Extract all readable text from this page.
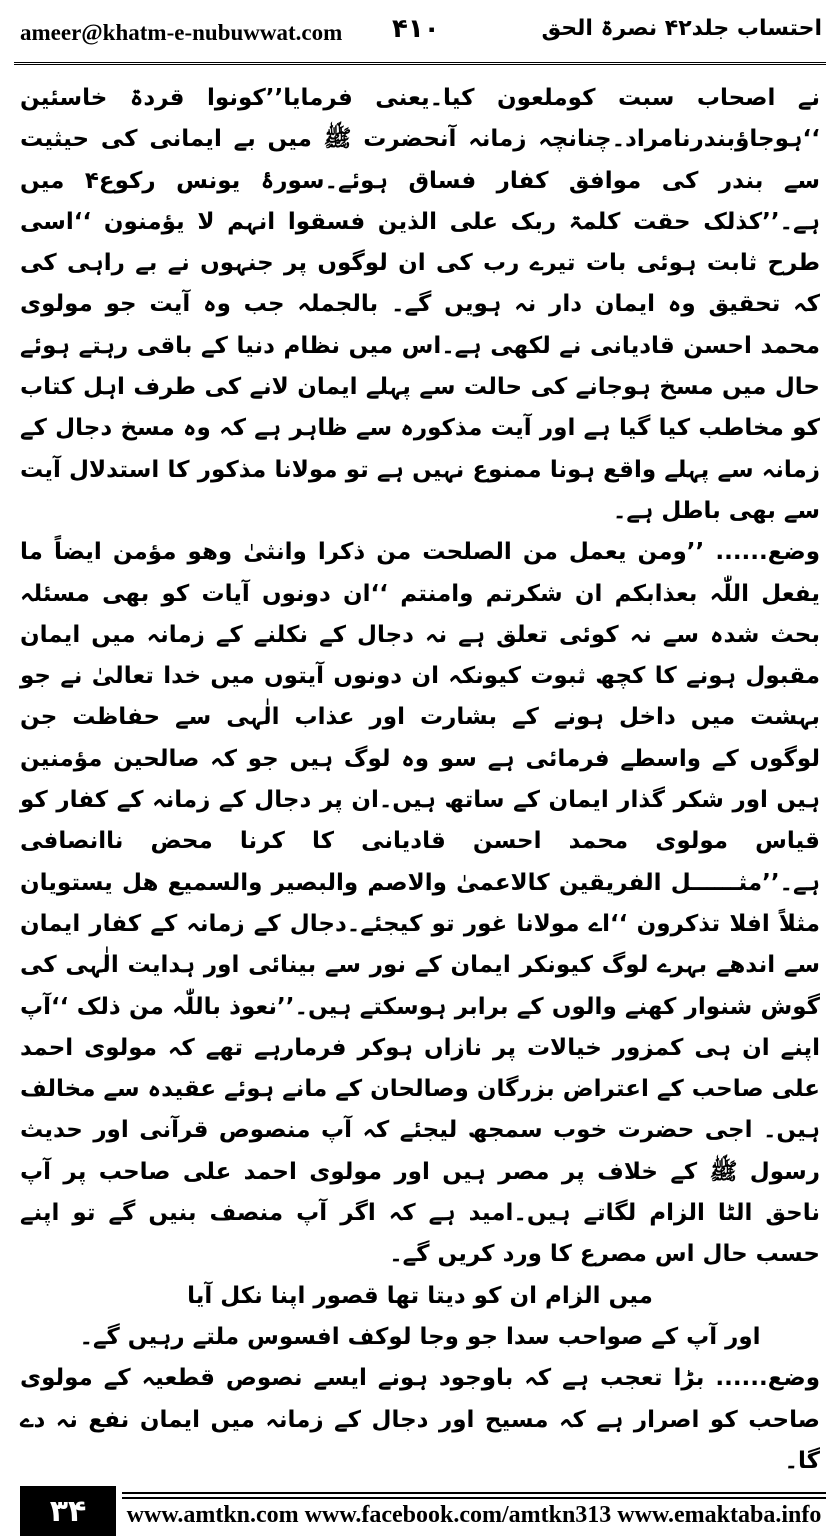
ameer@khatm-e-nubuwwat.com ۴۱۰	احتساب جلد۴۲ نصرۃ الحق

نے اصحاب سبت کوملعون کیا۔یعنی فرمایا’’کونوا قردۃ خاسئین ‘‘ہوجاؤبندرنامراد۔چنانچہ زمانہ آنحضرت ﷺ میں بے ایمانی کی حیثیت سے بندر کی موافق کفار فساق ہوئے۔سورۂ یونس رکوع۴ میں ہے۔’’کذلک حقت کلمۃ ربک علی الذین فسقوا انہم لا یؤمنون ‘‘اسی طرح ثابت ہوئی بات تیرے رب کی ان لوگوں پر جنہوں نے بے راہی کی کہ تحقیق وہ ایمان دار نہ ہویں گے۔ بالجملہ جب وہ آیت جو مولوی محمد احسن قادیانی نے لکھی ہے۔اس میں نظام دنیا کے باقی رہتے ہوئے حال میں مسخ ہوجانے کی حالت سے پہلے ایمان لانے کی طرف اہل کتاب کو مخاطب کیا گیا ہے اور آیت مذکورہ سے ظاہر ہے کہ وہ مسخ دجال کے زمانہ سے پہلے واقع ہونا ممنوع نہیں ہے تو مولانا مذکور کا استدلال آیت سے بھی باطل ہے۔

وضع...... ’’ومن یعمل من الصلحت من ذکرا وانثیٰ وھو مؤمن ایضاً ما یفعل اللّٰہ بعذابکم ان شکرتم وامنتم ‘‘ان دونوں آیات کو بھی مسئلہ بحث شدہ سے نہ کوئی تعلق ہے نہ دجال کے نکلنے کے زمانہ میں ایمان مقبول ہونے کا کچھ ثبوت کیونکہ ان دونوں آیتوں میں خدا تعالیٰ نے جو بہشت میں داخل ہونے کے بشارت اور عذاب الٰہی سے حفاظت جن لوگوں کے واسطے فرمائی ہے سو وہ لوگ ہیں جو کہ صالحین مؤمنین ہیں اور شکر گذار ایمان کے ساتھ ہیں۔ان پر دجال کے زمانہ کے کفار کو قیاس مولوی محمد احسن قادیانی کا کرنا محض ناانصافی ہے۔’’مثــــــل الفریقین کالاعمیٰ والاصم والبصیر والسمیع ھل یستویان مثلاً افلا تذکرون ‘‘اے مولانا غور تو کیجئے۔دجال کے زمانہ کے کفار ایمان سے اندھے بہرے لوگ کیونکر ایمان کے نور سے بینائی اور ہدایت الٰہی کی گوش شنوار کھنے والوں کے برابر ہوسکتے ہیں۔’’نعوذ باللّٰہ من ذلک ‘‘آپ اپنے ان ہی کمزور خیالات پر نازاں ہوکر فرمارہے تھے کہ مولوی احمد علی صاحب کے اعتراض بزرگان وصالحان کے مانے ہوئے عقیدہ سے مخالف ہیں۔ اجی حضرت خوب سمجھ لیجئے کہ آپ منصوص قرآنی اور حدیث رسول ﷺ کے خلاف پر مصر ہیں اور مولوی احمد علی صاحب پر آپ ناحق الٹا الزام لگاتے ہیں۔امید ہے کہ اگر آپ منصف بنیں گے تو اپنے حسب حال اس مصرع کا ورد کریں گے۔

میں الزام ان کو دیتا تھا قصور اپنا نکل آیا

اور آپ کے صواحب سدا جو وجا لوکف افسوس ملتے رہیں گے۔

وضع...... بڑا تعجب ہے کہ باوجود ہونے ایسے نصوص قطعیہ کے مولوی صاحب کو اصرار ہے کہ مسیح اور دجال کے زمانہ میں ایمان نفع نہ دے گا۔

۳۴	www.amtkn.com www.facebook.com/amtkn313 www.emaktaba.info
